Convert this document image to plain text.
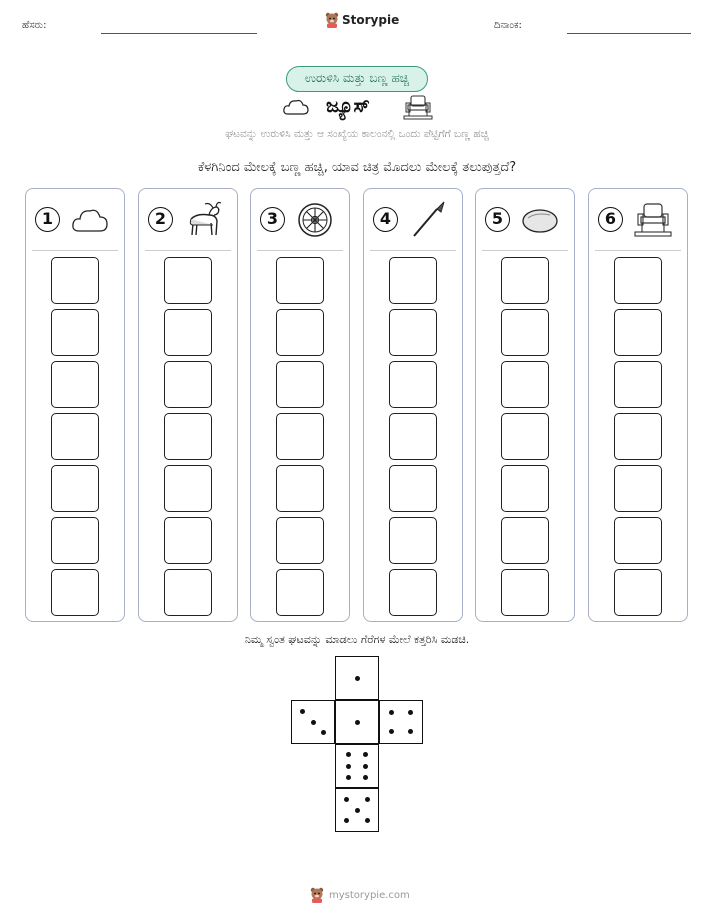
ಹೆಸರು:	Storypie	ದಿನಾಂಕ:
ಉರುಳಿಸಿ ಮತ್ತು ಬಣ್ಣ ಹಚ್ಚಿ
ಜ್ಯೂಸ್
ಘಟವನ್ನು ಉರುಳಿಸಿ ಮತ್ತು ಆ ಸಂಖ್ಯೆಯ ಕಾಲಂನಲ್ಲಿ ಒಂದು ಪೆಟ್ಟಿಗೆಗೆ ಬಣ್ಣ ಹಚ್ಚಿ
ಕೆಳಗಿನಿಂದ ಮೇಲಕ್ಕೆ ಬಣ್ಣ ಹಚ್ಚಿ, ಯಾವ ಚಿತ್ರ ಮೊದಲು ಮೇಲಕ್ಕೆ ತಲುಪುತ್ತದೆ?
1	2	3	4	5	6
ನಿಮ್ಮ ಸ್ವಂತ ಘಟವನ್ನು ಮಾಡಲು ಗೆರೆಗಳ ಮೇಲೆ ಕತ್ತರಿಸಿ ಮಡಚಿ.
mystorypie.com
